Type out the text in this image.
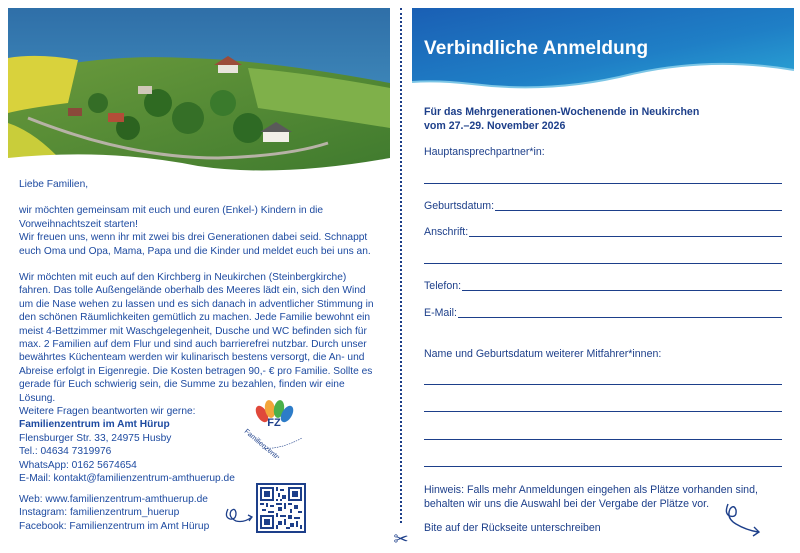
Liebe Familien,

wir möchten gemeinsam mit euch und euren (Enkel-) Kindern in die
Vorweihnachtszeit starten!
Wir freuen uns, wenn ihr mit zwei bis drei Generationen dabei seid. Schnappt
euch Oma und Opa, Mama, Papa und die Kinder und meldet euch bei uns an.

Wir möchten mit euch auf den Kirchberg in Neukirchen (Steinbergkirche)
fahren. Das tolle Außengelände oberhalb des Meeres lädt ein, sich den Wind
um die Nase wehen zu lassen und es sich danach in adventlicher Stimmung in
den schönen Räumlichkeiten gemütlich zu machen. Jede Familie bewohnt ein
meist 4-Bettzimmer mit Waschgelegenheit, Dusche und WC befinden sich für
max. 2 Familien auf dem Flur und sind auch barrierefrei nutzbar. Durch unser
bewährtes Küchenteam werden wir kulinarisch bestens versorgt, die An- und
Abreise erfolgt in Eigenregie. Die Kosten betragen 90,- € pro Familie. Sollte es
gerade für Euch schwierig sein, die Summe zu bezahlen, finden wir eine
Lösung.

Weitere Fragen beantworten wir gerne:
Familienzentrum im Amt Hürup
Flensburger Str. 33, 24975 Husby
Tel.: 04634 7319976
WhatsApp: 0162 5674654
E-Mail: kontakt@familienzentrum-amthuerup.de
Web: www.familienzentrum-amthuerup.de
Instagram: familienzentrum_huerup
Facebook: Familienzentrum im Amt Hürup
FZ
Familienzentrum
✂
Verbindliche Anmeldung
Für das Mehrgenerationen-Wochenende in Neukirchen
vom 27.–29. November 2026
Hauptansprechpartner*in:
Geburtsdatum:
Anschrift:
Telefon:
E-Mail:
Name und Geburtsdatum weiterer Mitfahrer*innen:
Hinweis: Falls mehr Anmeldungen eingehen als Plätze vorhanden sind,
behalten wir uns die Auswahl bei der Vergabe der Plätze vor.
Bite auf der Rückseite unterschreiben
